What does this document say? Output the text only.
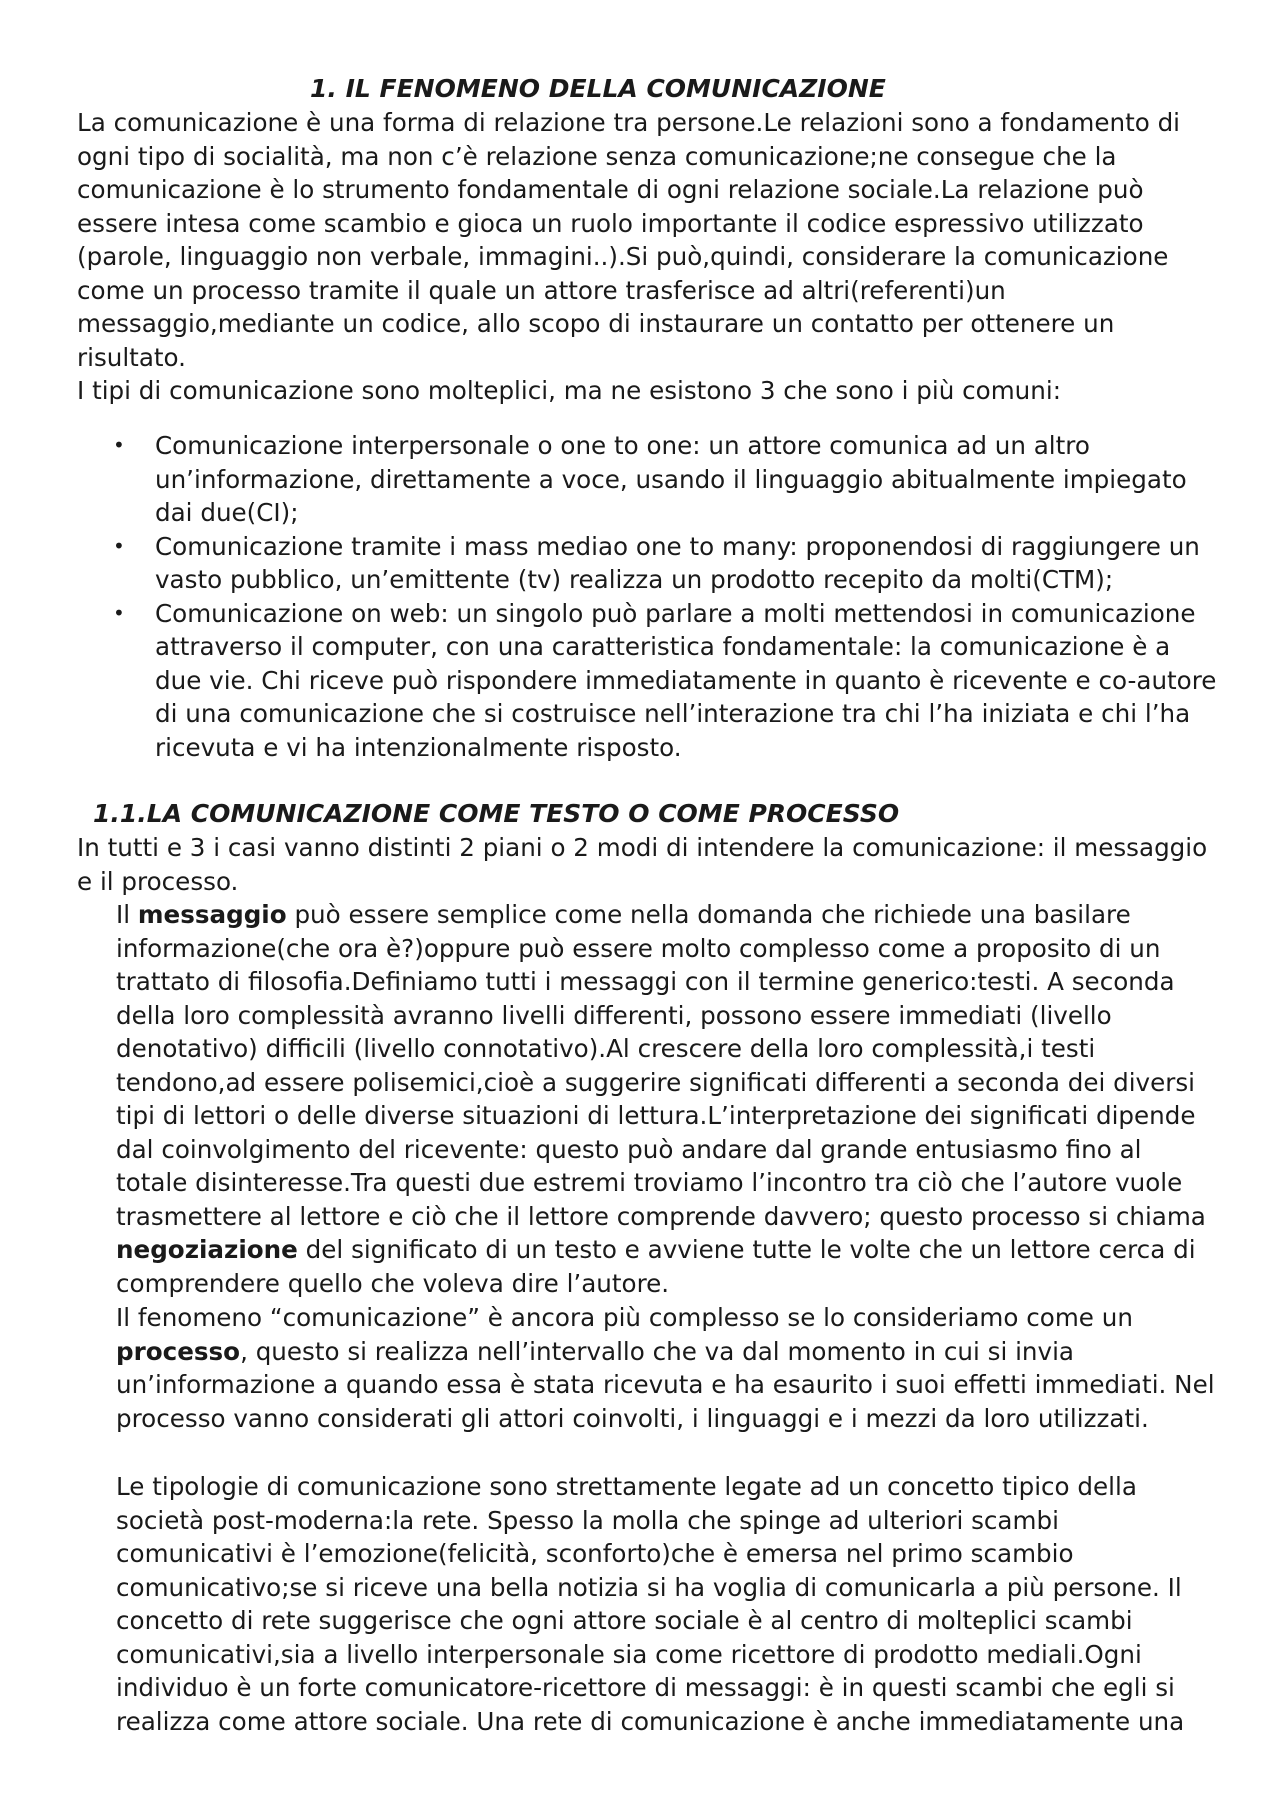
1. IL FENOMENO DELLA COMUNICAZIONE

La comunicazione è una forma di relazione tra persone.Le relazioni sono a fondamento di ogni tipo di socialità, ma non c’è relazione senza comunicazione;ne consegue che la comunicazione è lo strumento fondamentale di ogni relazione sociale.La relazione può essere intesa come scambio e gioca un ruolo importante il codice espressivo utilizzato (parole, linguaggio non verbale, immagini..).Si può,quindi, considerare la comunicazione come un processo tramite il quale un attore trasferisce ad altri(referenti)un messaggio,mediante un codice, allo scopo di instaurare un contatto per ottenere un risultato.

I tipi di comunicazione sono molteplici, ma ne esistono 3 che sono i più comuni:

• Comunicazione interpersonale o one to one: un attore comunica ad un altro un’informazione, direttamente a voce, usando il linguaggio abitualmente impiegato dai due(CI);
• Comunicazione tramite i mass mediao one to many: proponendosi di raggiungere un vasto pubblico, un’emittente (tv) realizza un prodotto recepito da molti(CTM);
• Comunicazione on web: un singolo può parlare a molti mettendosi in comunicazione attraverso il computer, con una caratteristica fondamentale: la comunicazione è a due vie. Chi riceve può rispondere immediatamente in quanto è ricevente e co-autore di una comunicazione che si costruisce nell’interazione tra chi l’ha iniziata e chi l’ha ricevuta e vi ha intenzionalmente risposto.
1.1.LA COMUNICAZIONE COME TESTO O COME PROCESSO

In tutti e 3 i casi vanno distinti 2 piani o 2 modi di intendere la comunicazione: il messaggio e il processo.

Il messaggio può essere semplice come nella domanda che richiede una basilare informazione(che ora è?)oppure può essere molto complesso come a proposito di un trattato di filosofia.Definiamo tutti i messaggi con il termine generico:testi. A seconda della loro complessità avranno livelli differenti, possono essere immediati (livello denotativo) difficili (livello connotativo).Al crescere della loro complessità,i testi tendono,ad essere polisemici,cioè a suggerire significati differenti a seconda dei diversi tipi di lettori o delle diverse situazioni di lettura.L’interpretazione dei significati dipende dal coinvolgimento del ricevente: questo può andare dal grande entusiasmo fino al totale disinteresse.Tra questi due estremi troviamo l’incontro tra ciò che l’autore vuole trasmettere al lettore e ciò che il lettore comprende davvero; questo processo si chiama negoziazione del significato di un testo e avviene tutte le volte che un lettore cerca di comprendere quello che voleva dire l’autore.

Il fenomeno “comunicazione” è ancora più complesso se lo consideriamo come un processo, questo si realizza nell’intervallo che va dal momento in cui si invia un’informazione a quando essa è stata ricevuta e ha esaurito i suoi effetti immediati. Nel processo vanno considerati gli attori coinvolti, i linguaggi e i mezzi da loro utilizzati.

Le tipologie di comunicazione sono strettamente legate ad un concetto tipico della società post-moderna:la rete. Spesso la molla che spinge ad ulteriori scambi comunicativi è l’emozione(felicità, sconforto)che è emersa nel primo scambio comunicativo;se si riceve una bella notizia si ha voglia di comunicarla a più persone. Il concetto di rete suggerisce che ogni attore sociale è al centro di molteplici scambi comunicativi,sia a livello interpersonale sia come ricettore di prodotto mediali.Ogni individuo è un forte comunicatore-ricettore di messaggi: è in questi scambi che egli si realizza come attore sociale. Una rete di comunicazione è anche immediatamente una
